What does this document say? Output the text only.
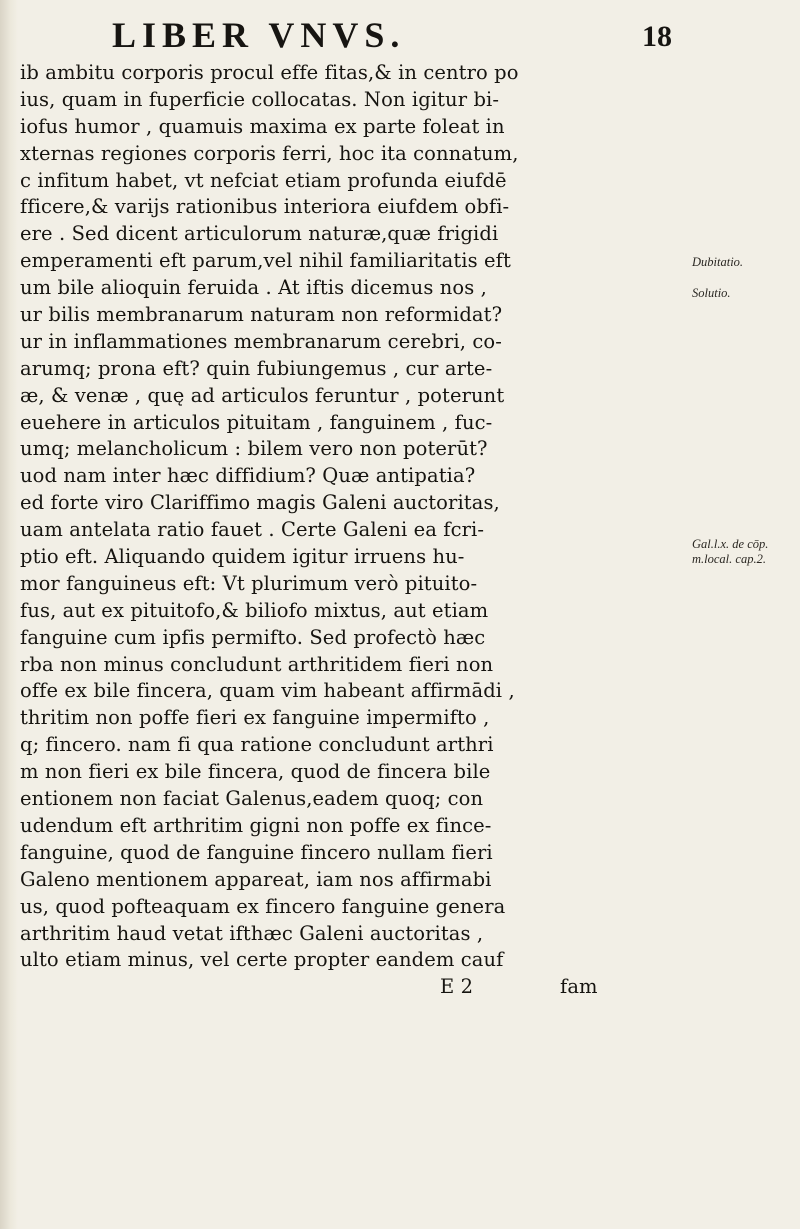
LIBER VNVS.	18
ib ambitu corporis procul effe fitas,& in centro po
ius, quam in fuperficie collocatas. Non igitur bi-
iofus humor , quamuis maxima ex parte foleat in
xternas regiones corporis ferri, hoc ita connatum,
c infitum habet, vt nefciat etiam profunda eiufdē
fficere,& varijs rationibus interiora eiufdem obfi-
ere . Sed dicent articulorum naturæ,quæ frigidi
emperamenti eft parum,vel nihil familiaritatis eft
um bile alioquin feruida . At iftis dicemus nos ,
ur bilis membranarum naturam non reformidat?
ur in inflammationes membranarum cerebri, co-
arumq; prona eft? quin fubiungemus , cur arte-
æ, & venæ , quę ad articulos feruntur , poterunt
euehere in articulos pituitam , fanguinem , fuc-
umq; melancholicum : bilem vero non poterūt?
uod nam inter hæc diffidium? Quæ antipatia?
ed forte viro Clariffimo magis Galeni auctoritas,
uam antelata ratio fauet . Certe Galeni ea fcri-
ptio eft. Aliquando quidem igitur irruens hu-
mor fanguineus eft: Vt plurimum verò pituito-
fus, aut ex pituitofo,& biliofo mixtus, aut etiam
fanguine cum ipfis permifto. Sed profectò hæc
rba non minus concludunt arthritidem fieri non
offe ex bile fincera, quam vim habeant affirmādi ,
thritim non poffe fieri ex fanguine impermifto ,
q; fincero. nam fi qua ratione concludunt arthri
m non fieri ex bile fincera, quod de fincera bile
entionem non faciat Galenus,eadem quoq; con
udendum eft arthritim gigni non poffe ex fince-
fanguine, quod de fanguine fincero nullam fieri
Galeno mentionem appareat, iam nos affirmabi
us, quod pofteaquam ex fincero fanguine genera
arthritim haud vetat ifthæc Galeni auctoritas ,
ulto etiam minus, vel certe propter eandem cauf
E 2	fam
Dubitatio.
Solutio.
Gal.l.x. de cōp.
m.local. cap.2.
